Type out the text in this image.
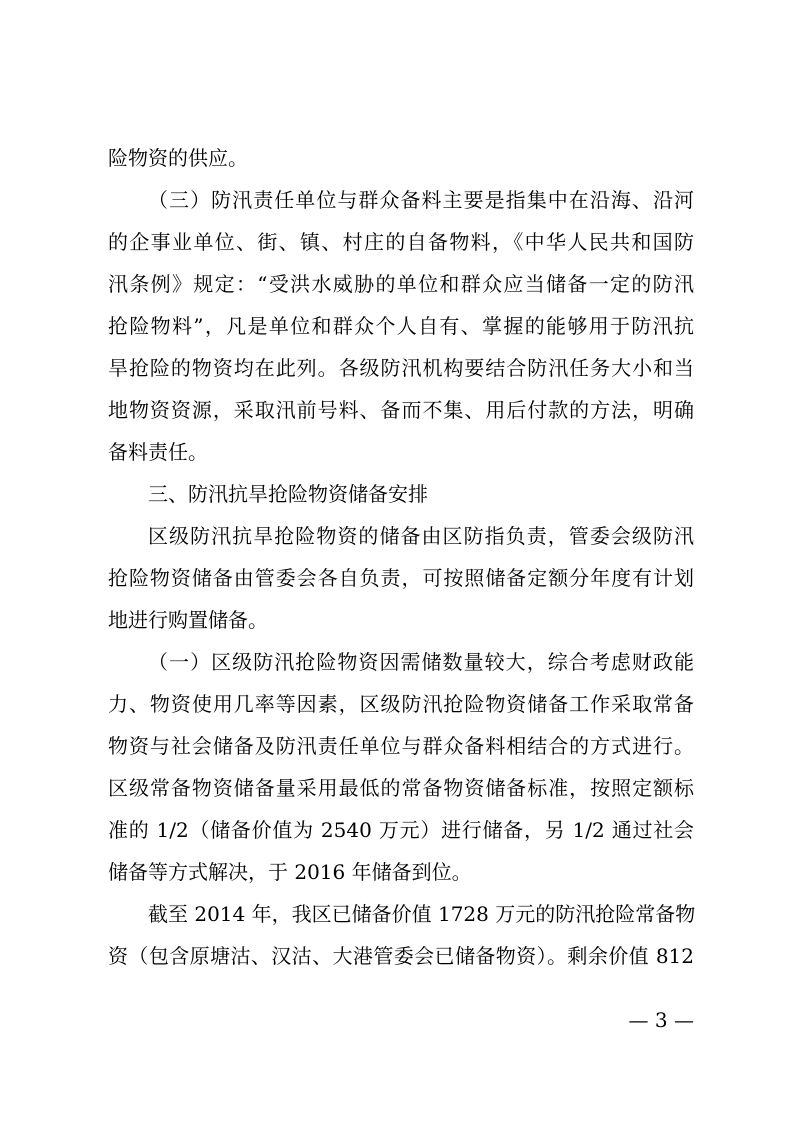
险物资的供应。
（三）防汛责任单位与群众备料主要是指集中在沿海、沿河
的企事业单位、街、镇、村庄的自备物料，《中华人民共和国防
汛条例》规定：“受洪水威胁的单位和群众应当储备一定的防汛
抢险物料”，凡是单位和群众个人自有、掌握的能够用于防汛抗
旱抢险的物资均在此列。各级防汛机构要结合防汛任务大小和当
地物资资源，采取汛前号料、备而不集、用后付款的方法，明确
备料责任。
三、防汛抗旱抢险物资储备安排
区级防汛抗旱抢险物资的储备由区防指负责，管委会级防汛
抢险物资储备由管委会各自负责，可按照储备定额分年度有计划
地进行购置储备。
（一）区级防汛抢险物资因需储数量较大，综合考虑财政能
力、物资使用几率等因素，区级防汛抢险物资储备工作采取常备
物资与社会储备及防汛责任单位与群众备料相结合的方式进行。
区级常备物资储备量采用最低的常备物资储备标准，按照定额标
准的 1/2（储备价值为 2540 万元）进行储备，另 1/2 通过社会
储备等方式解决，于 2016 年储备到位。
截至 2014 年，我区已储备价值 1728 万元的防汛抢险常备物
资（包含原塘沽、汉沽、大港管委会已储备物资）。剩余价值 812
— 3 —
